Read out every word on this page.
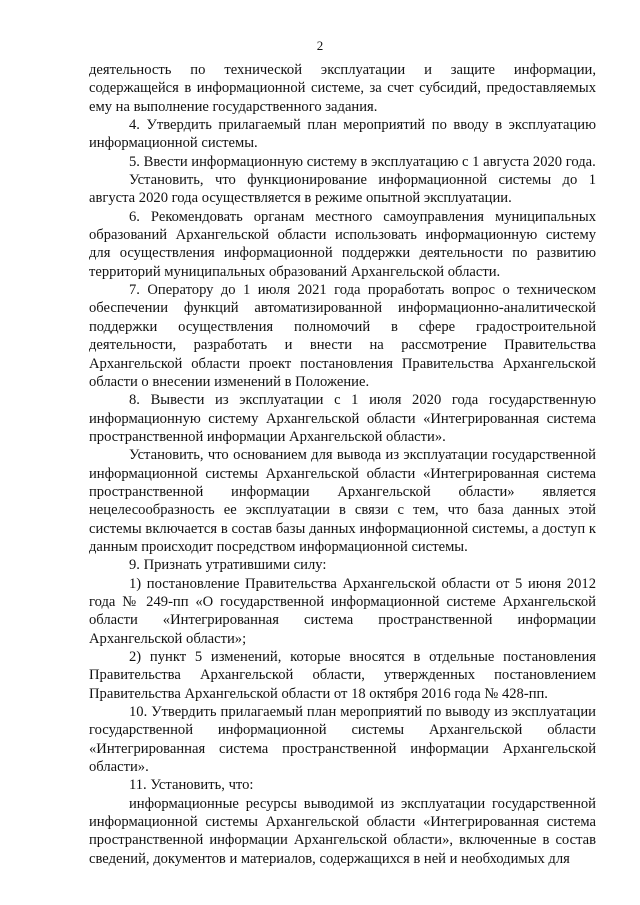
2

деятельность по технической эксплуатации и защите информации, содержащейся в информационной системе, за счет субсидий, предоставляемых ему на выполнение государственного задания.

4. Утвердить прилагаемый план мероприятий по вводу в эксплуатацию информационной системы.

5. Ввести информационную систему в эксплуатацию с 1 августа 2020 года.

Установить, что функционирование информационной системы до 1 августа 2020 года осуществляется в режиме опытной эксплуатации.

6. Рекомендовать органам местного самоуправления муниципальных образований Архангельской области использовать информационную систему для осуществления информационной поддержки деятельности по развитию территорий муниципальных образований Архангельской области.

7. Оператору до 1 июля 2021 года проработать вопрос о техническом обеспечении функций автоматизированной информационно-аналитической поддержки осуществления полномочий в сфере градостроительной деятельности, разработать и внести на рассмотрение Правительства Архангельской области проект постановления Правительства Архангельской области о внесении изменений в Положение.

8. Вывести из эксплуатации с 1 июля 2020 года государственную информационную систему Архангельской области «Интегрированная система пространственной информации Архангельской области».

Установить, что основанием для вывода из эксплуатации государственной информационной системы Архангельской области «Интегрированная система пространственной информации Архангельской области» является нецелесообразность ее эксплуатации в связи с тем, что база данных этой системы включается в состав базы данных информационной системы, а доступ к данным происходит посредством информационной системы.

9. Признать утратившими силу:

1) постановление Правительства Архангельской области от 5 июня 2012 года № 249-пп «О государственной информационной системе Архангельской области «Интегрированная система пространственной информации Архангельской области»;

2) пункт 5 изменений, которые вносятся в отдельные постановления Правительства Архангельской области, утвержденных постановлением Правительства Архангельской области от 18 октября 2016 года № 428-пп.

10. Утвердить прилагаемый план мероприятий по выводу из эксплуатации государственной информационной системы Архангельской области «Интегрированная система пространственной информации Архангельской области».

11. Установить, что:

информационные ресурсы выводимой из эксплуатации государственной информационной системы Архангельской области «Интегрированная система пространственной информации Архангельской области», включенные в состав сведений, документов и материалов, содержащихся в ней и необходимых для
